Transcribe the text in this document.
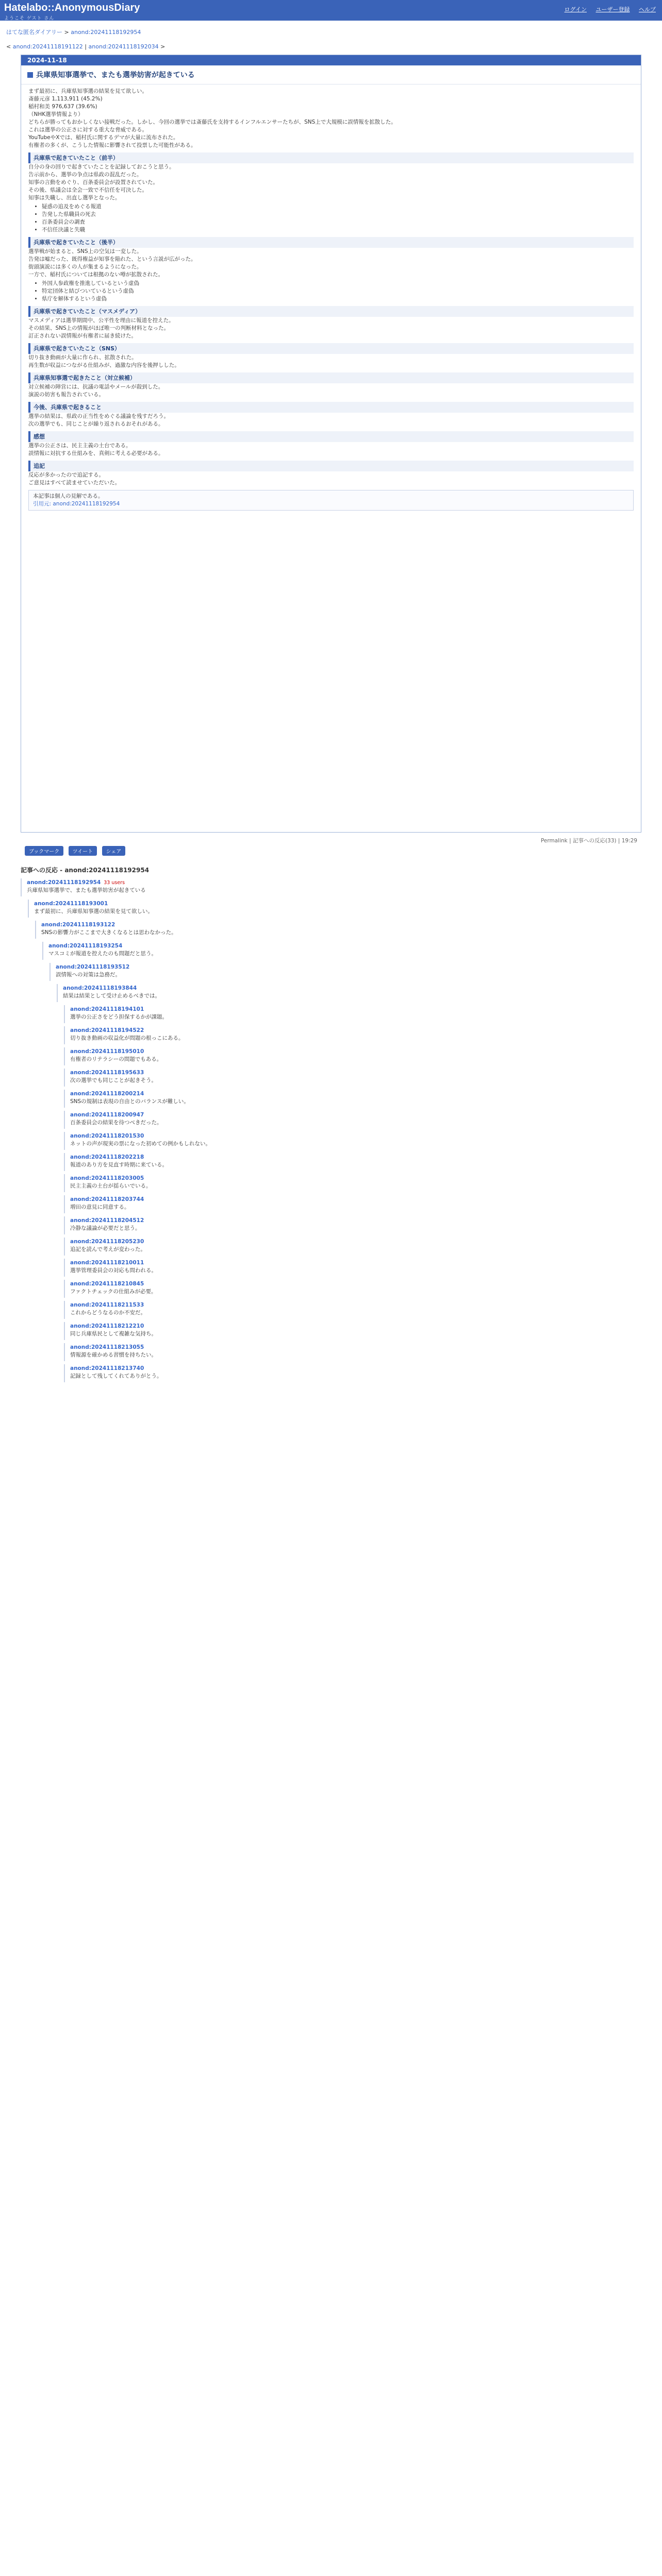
Hatelabo::AnonymousDiary
ようこそ ゲスト さん
ログイン ユーザー登録 ヘルプ
はてな匿名ダイアリー > anond:20241118192954
< anond:20241118191122 | anond:20241118192034 >
2024-11-18
兵庫県知事選挙で、またも選挙妨害が起きている

まず最初に、兵庫県知事選の結果を見て欲しい。

斎藤元彦 1,113,911 (45.2%)

稲村和美 976,637 (39.6%)

（NHK選挙情報より）

どちらが勝ってもおかしくない接戦だった。しかし、今回の選挙では斎藤氏を支持するインフルエンサーたちが、SNS上で大規模に誤情報を拡散した。

これは選挙の公正さに対する重大な脅威である。

YouTubeやXでは、稲村氏に関するデマが大量に流布された。

有権者の多くが、こうした情報に影響されて投票した可能性がある。

兵庫県で起きていたこと（前半）

自分の身の回りで起きていたことを記録しておこうと思う。

告示前から、選挙の争点は県政の混乱だった。

知事の言動をめぐり、百条委員会が設置されていた。

その後、県議会は全会一致で不信任を可決した。

知事は失職し、出直し選挙となった。

• 疑惑の追及をめぐる報道
• 告発した県職員の死去
• 百条委員会の調査
• 不信任決議と失職
兵庫県で起きていたこと（後半）

選挙戦が始まると、SNS上の空気は一変した。

告発は嘘だった、既得権益が知事を陥れた、という言説が広がった。

街頭演説には多くの人が集まるようになった。

一方で、稲村氏については根拠のない噂が拡散された。

• 外国人参政権を推進しているという虚偽
• 特定団体と結びついているという虚偽
• 県庁を解体するという虚偽
兵庫県で起きていたこと（マスメディア）

マスメディアは選挙期間中、公平性を理由に報道を控えた。

その結果、SNS上の情報がほぼ唯一の判断材料となった。

訂正されない誤情報が有権者に届き続けた。

兵庫県で起きていたこと（SNS）

切り抜き動画が大量に作られ、拡散された。

再生数が収益につながる仕組みが、過激な内容を後押しした。

兵庫県知事選で起きたこと（対立候補）

対立候補の陣営には、抗議の電話やメールが殺到した。

演説の妨害も報告されている。

今後、兵庫県で起きること

選挙の結果は、県政の正当性をめぐる議論を残すだろう。

次の選挙でも、同じことが繰り返されるおそれがある。

感想

選挙の公正さは、民主主義の土台である。

誤情報に対抗する仕組みを、真剣に考える必要がある。

追記

反応が多かったので追記する。

ご意見はすべて読ませていただいた。

本記事は個人の見解である。

引用元: anond:20241118192954

Permalink | 記事への反応(33) | 19:29
ブックマーク	ツイート	シェア
記事への反応 - anond:20241118192954
anond:20241118192954 33 users
兵庫県知事選挙で、またも選挙妨害が起きている
anond:20241118193001
まず最初に、兵庫県知事選の結果を見て欲しい。
anond:20241118193122
SNSの影響力がここまで大きくなるとは思わなかった。
anond:20241118193254
マスコミが報道を控えたのも問題だと思う。
anond:20241118193512
誤情報への対策は急務だ。
anond:20241118193844
結果は結果として受け止めるべきでは。
anond:20241118194101
選挙の公正さをどう担保するかが課題。
anond:20241118194522
切り抜き動画の収益化が問題の根っこにある。
anond:20241118195010
有権者のリテラシーの問題でもある。
anond:20241118195633
次の選挙でも同じことが起きそう。
anond:20241118200214
SNSの規制は表現の自由とのバランスが難しい。
anond:20241118200947
百条委員会の結果を待つべきだった。
anond:20241118201530
ネットの声が現実の票になった初めての例かもしれない。
anond:20241118202218
報道のあり方を見直す時期に来ている。
anond:20241118203005
民主主義の土台が揺らいでいる。
anond:20241118203744
増田の意見に同意する。
anond:20241118204512
冷静な議論が必要だと思う。
anond:20241118205230
追記を読んで考えが変わった。
anond:20241118210011
選挙管理委員会の対応も問われる。
anond:20241118210845
ファクトチェックの仕組みが必要。
anond:20241118211533
これからどうなるのか不安だ。
anond:20241118212210
同じ兵庫県民として複雑な気持ち。
anond:20241118213055
情報源を確かめる習慣を持ちたい。
anond:20241118213740
記録として残してくれてありがとう。
